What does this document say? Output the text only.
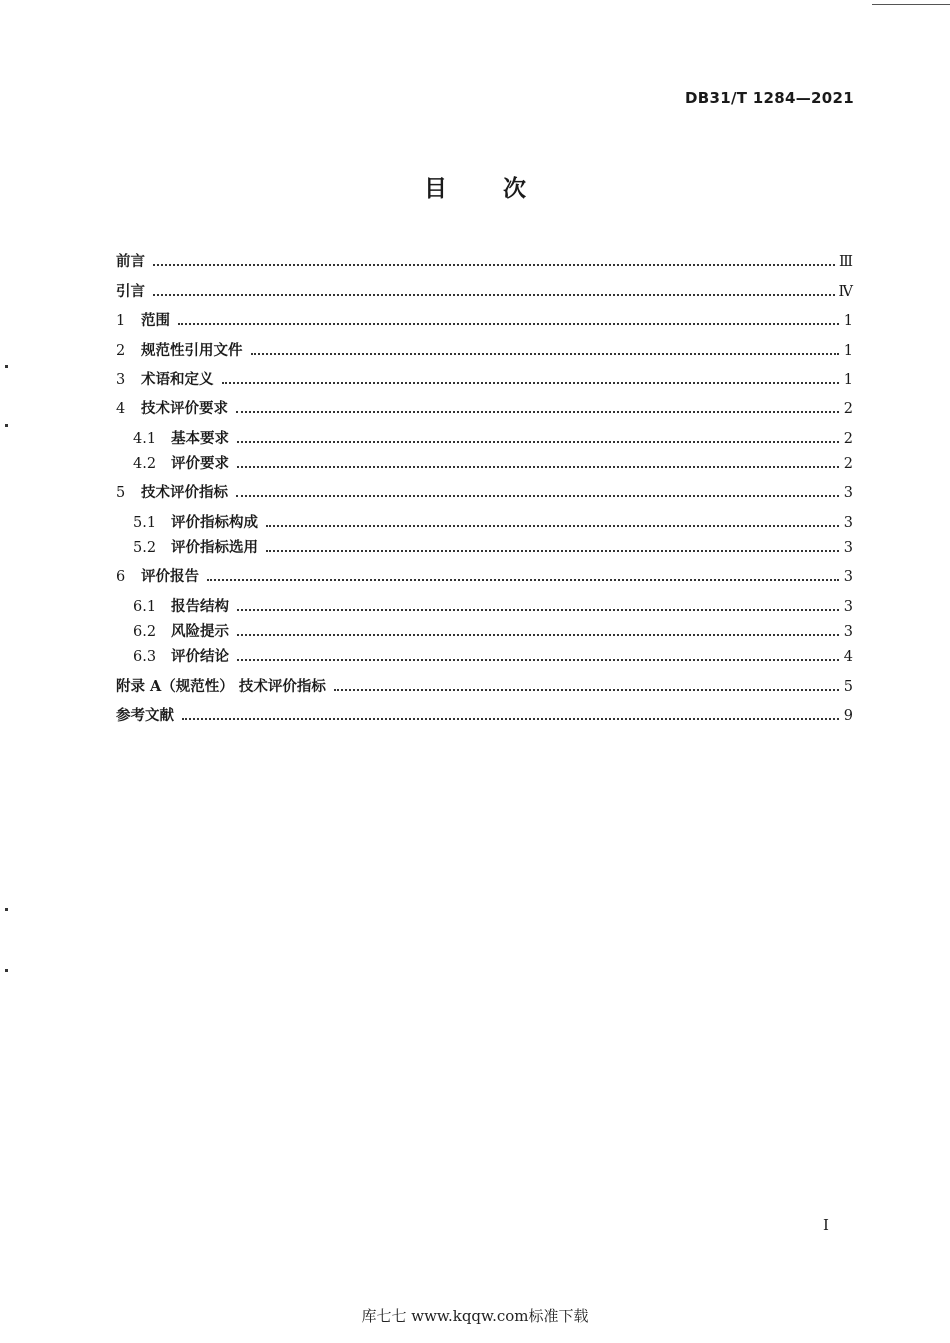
DB31/T 1284—2021
目 次
前言	Ⅲ
引言	Ⅳ
1	范围	1
2	规范性引用文件	1
3	术语和定义	1
4	技术评价要求	2
4.1	基本要求	2
4.2	评价要求	2
5	技术评价指标	3
5.1	评价指标构成	3
5.2	评价指标选用	3
6	评价报告	3
6.1	报告结构	3
6.2	风险提示	3
6.3	评价结论	4
附录 A（规范性） 技术评价指标	5
参考文献	9
I
库七七 www.kqqw.com标准下载
